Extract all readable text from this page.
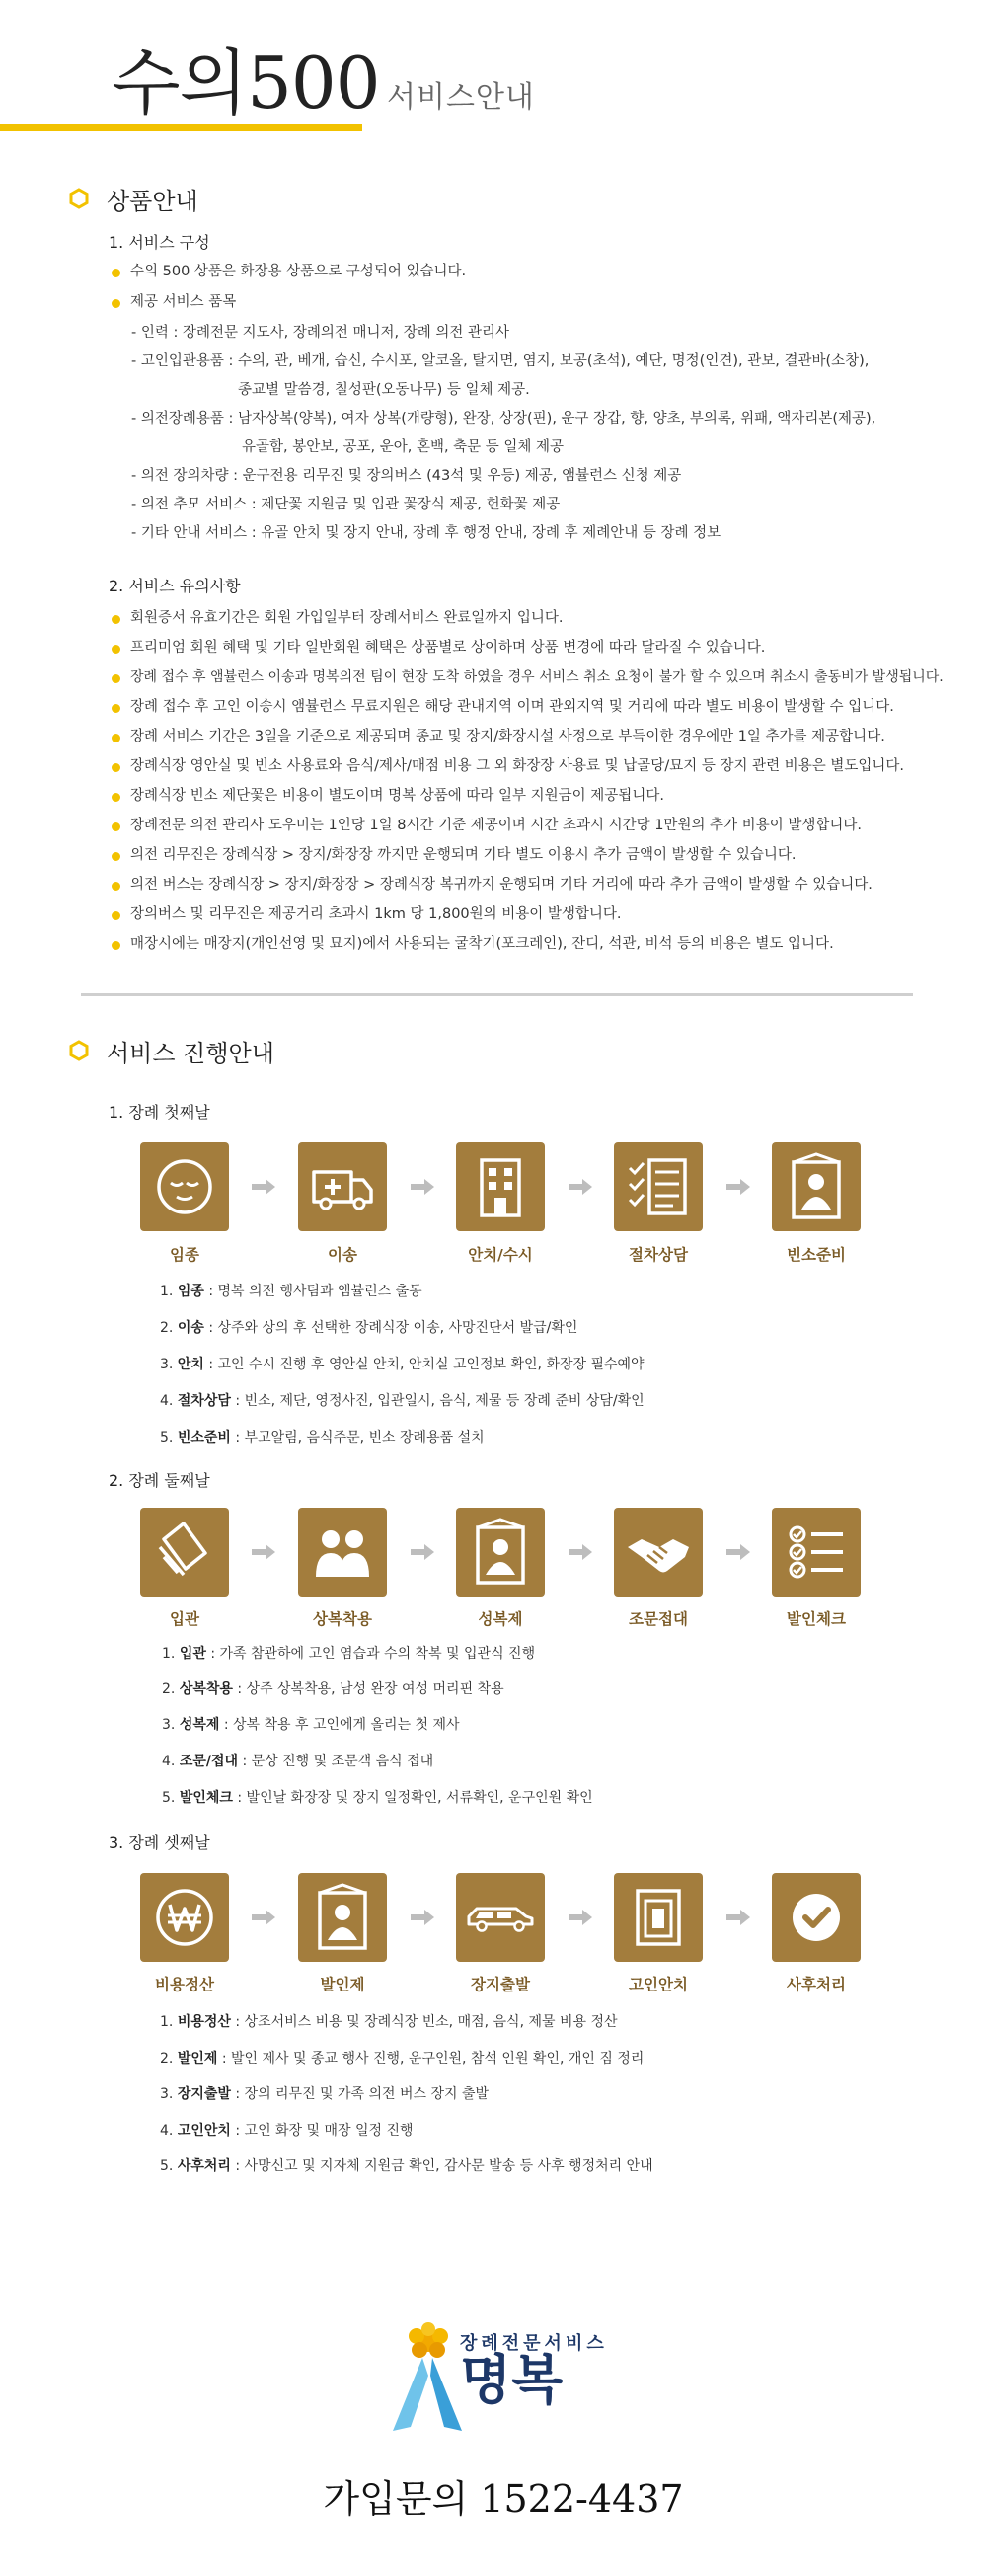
수의500 서비스안내
상품안내
1. 서비스 구성
수의 500 상품은 화장용 상품으로 구성되어 있습니다.
제공 서비스 품목
- 인력 : 장례전문 지도사, 장례의전 매니저, 장례 의전 관리사
- 고인입관용품 : 수의, 관, 베개, 습신, 수시포, 알코올, 탈지면, 염지, 보공(초석), 예단, 명정(인견), 관보, 결관바(소창),
종교별 말씀경, 칠성판(오동나무) 등 일체 제공.
- 의전장례용품 : 남자상복(양복), 여자 상복(개량형), 완장, 상장(핀), 운구 장갑, 향, 양초, 부의록, 위패, 액자리본(제공),
유골함, 봉안보, 공포, 운아, 혼백, 축문 등 일체 제공
- 의전 장의차량 : 운구전용 리무진 및 장의버스 (43석 및 우등) 제공, 앰뷸런스 신청 제공
- 의전 추모 서비스 : 제단꽃 지원금 및 입관 꽃장식 제공, 헌화꽃 제공
- 기타 안내 서비스 : 유골 안치 및 장지 안내, 장례 후 행정 안내, 장례 후 제례안내 등 장례 정보
2. 서비스 유의사항
회원증서 유효기간은 회원 가입일부터 장례서비스 완료일까지 입니다.
프리미엄 회원 혜택 및 기타 일반회원 혜택은 상품별로 상이하며 상품 변경에 따라 달라질 수 있습니다.
장례 접수 후 앰뷸런스 이송과 명복의전 팀이 현장 도착 하였을 경우 서비스 취소 요청이 불가 할 수 있으며 취소시 출동비가 발생됩니다.
장례 접수 후 고인 이송시 앰뷸런스 무료지원은 해당 관내지역 이며 관외지역 및 거리에 따라 별도 비용이 발생할 수 입니다.
장례 서비스 기간은 3일을 기준으로 제공되며 종교 및 장지/화장시설 사정으로 부득이한 경우에만 1일 추가를 제공합니다.
장례식장 영안실 및 빈소 사용료와 음식/제사/매점 비용 그 외 화장장 사용료 및 납골당/묘지 등 장지 관련 비용은 별도입니다.
장례식장 빈소 제단꽃은 비용이 별도이며 명복 상품에 따라 일부 지원금이 제공됩니다.
장례전문 의전 관리사 도우미는 1인당 1일 8시간 기준 제공이며 시간 초과시 시간당 1만원의 추가 비용이 발생합니다.
의전 리무진은 장례식장 > 장지/화장장 까지만 운행되며 기타 별도 이용시 추가 금액이 발생할 수 있습니다.
의전 버스는 장례식장 > 장지/화장장 > 장례식장 복귀까지 운행되며 기타 거리에 따라 추가 금액이 발생할 수 있습니다.
장의버스 및 리무진은 제공거리 초과시 1km 당 1,800원의 비용이 발생합니다.
매장시에는 매장지(개인선영 및 묘지)에서 사용되는 굴착기(포크레인), 잔디, 석관, 비석 등의 비용은 별도 입니다.
서비스 진행안내
1. 장례 첫째날
임종	이송	안치/수시	절차상담	빈소준비
1. 임종 : 명복 의전 행사팀과 앰뷸런스 출동
2. 이송 : 상주와 상의 후 선택한 장례식장 이송, 사망진단서 발급/확인
3. 안치 : 고인 수시 진행 후 영안실 안치, 안치실 고인정보 확인, 화장장 필수예약
4. 절차상담 : 빈소, 제단, 영정사진, 입관일시, 음식, 제물 등 장례 준비 상담/확인
5. 빈소준비 : 부고알림, 음식주문, 빈소 장례용품 설치
2. 장례 둘째날
입관	상복착용	성복제	조문접대	발인체크
1. 입관 : 가족 참관하에 고인 염습과 수의 착복 및 입관식 진행
2. 상복착용 : 상주 상복착용, 남성 완장 여성 머리핀 착용
3. 성복제 : 상복 착용 후 고인에게 올리는 첫 제사
4. 조문/접대 : 문상 진행 및 조문객 음식 접대
5. 발인체크 : 발인날 화장장 및 장지 일정확인, 서류확인, 운구인원 확인
3. 장례 셋째날
비용정산	발인제	장지출발	고인안치	사후처리
1. 비용정산 : 상조서비스 비용 및 장례식장 빈소, 매점, 음식, 제물 비용 정산
2. 발인제 : 발인 제사 및 종교 행사 진행, 운구인원, 참석 인원 확인, 개인 짐 정리
3. 장지출발 : 장의 리무진 및 가족 의전 버스 장지 출발
4. 고인안치 : 고인 화장 및 매장 일정 진행
5. 사후처리 : 사망신고 및 지자체 지원금 확인, 감사문 발송 등 사후 행정처리 안내
장례전문서비스
명복
가입문의 1522-4437
